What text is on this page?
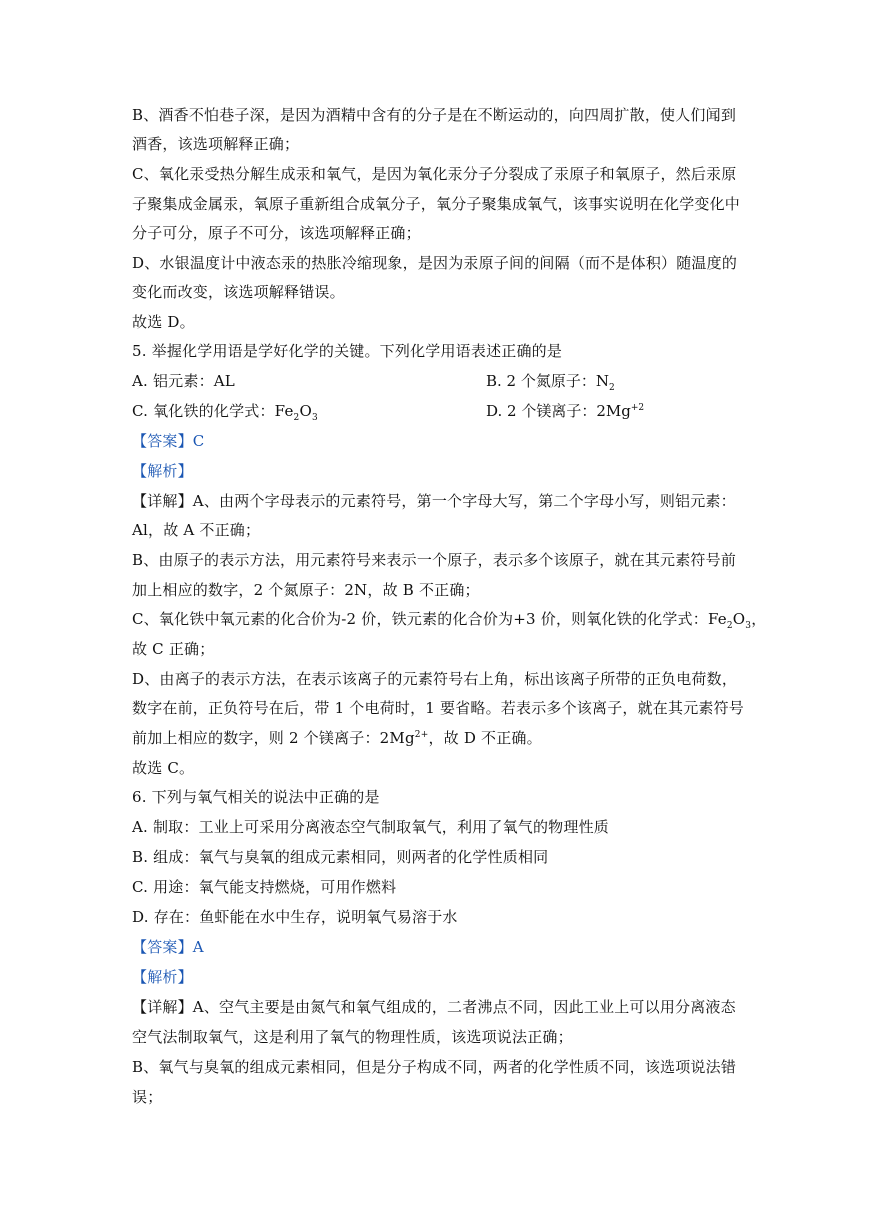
B、酒香不怕巷子深，是因为酒精中含有的分子是在不断运动的，向四周扩散，使人们闻到
酒香，该选项解释正确；
C、氧化汞受热分解生成汞和氧气，是因为氧化汞分子分裂成了汞原子和氧原子，然后汞原
子聚集成金属汞，氧原子重新组合成氧分子，氧分子聚集成氧气，该事实说明在化学变化中
分子可分，原子不可分，该选项解释正确；
D、水银温度计中液态汞的热胀冷缩现象，是因为汞原子间的间隔（而不是体积）随温度的
变化而改变，该选项解释错误。
故选 D。
5. 举握化学用语是学好化学的关键。下列化学用语表述正确的是
A. 铝元素：AL	B. 2 个氮原子：$N_2$
C. 氧化铁的化学式：$Fe_2O_3$	D. 2 个镁离子：$2Mg^{+2}$
【答案】C
【解析】
【详解】A、由两个字母表示的元素符号，第一个字母大写，第二个字母小写，则铝元素：
Al，故 A 不正确；
B、由原子的表示方法，用元素符号来表示一个原子，表示多个该原子，就在其元素符号前
加上相应的数字，2 个氮原子：2N，故 B 不正确；
C、氧化铁中氧元素的化合价为-2 价，铁元素的化合价为+3 价，则氧化铁的化学式：$Fe_2O_3$，
故 C 正确；
D、由离子的表示方法，在表示该离子的元素符号右上角，标出该离子所带的正负电荷数，
数字在前，正负符号在后，带 1 个电荷时，1 要省略。若表示多个该离子，就在其元素符号
前加上相应的数字，则 2 个镁离子：$2Mg^{2+}$，故 D 不正确。
故选 C。
6. 下列与氧气相关的说法中正确的是
A. 制取：工业上可采用分离液态空气制取氧气，利用了氧气的物理性质
B. 组成：氧气与臭氧的组成元素相同，则两者的化学性质相同
C. 用途：氧气能支持燃烧，可用作燃料
D. 存在：鱼虾能在水中生存，说明氧气易溶于水
【答案】A
【解析】
【详解】A、空气主要是由氮气和氧气组成的，二者沸点不同，因此工业上可以用分离液态
空气法制取氧气，这是利用了氧气的物理性质，该选项说法正确；
B、氧气与臭氧的组成元素相同，但是分子构成不同，两者的化学性质不同，该选项说法错
误；
